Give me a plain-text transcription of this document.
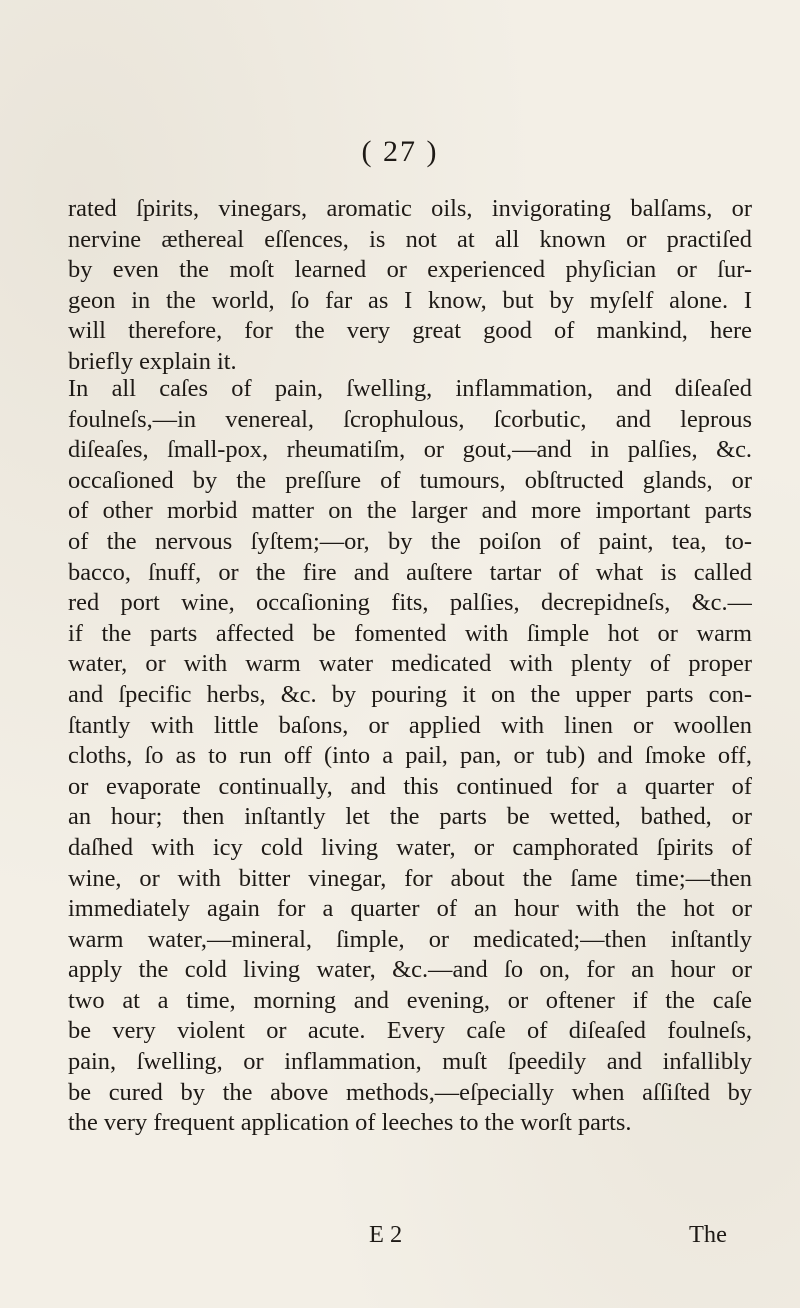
( 27 )
rated ſpirits, vinegars, aromatic oils, invigorating balſams, or
nervine æthereal eſſences, is not at all known or practiſed
by even the moſt learned or experienced phyſician or ſur-
geon in the world, ſo far as I know, but by myſelf alone. I
will therefore, for the very great good of mankind, here
briefly explain it.
In all caſes of pain, ſwelling, inflammation, and diſeaſed
foulneſs,—in venereal, ſcrophulous, ſcorbutic, and leprous
diſeaſes, ſmall-pox, rheumatiſm, or gout,—and in palſies, &c.
occaſioned by the preſſure of tumours, obſtructed glands, or
of other morbid matter on the larger and more important parts
of the nervous ſyſtem;—or, by the poiſon of paint, tea, to-
bacco, ſnuff, or the fire and auſtere tartar of what is called
red port wine, occaſioning fits, palſies, decrepidneſs, &c.—
if the parts affected be fomented with ſimple hot or warm
water, or with warm water medicated with plenty of proper
and ſpecific herbs, &c. by pouring it on the upper parts con-
ſtantly with little baſons, or applied with linen or woollen
cloths, ſo as to run off (into a pail, pan, or tub) and ſmoke off,
or evaporate continually, and this continued for a quarter of
an hour; then inſtantly let the parts be wetted, bathed, or
daſhed with icy cold living water, or camphorated ſpirits of
wine, or with bitter vinegar, for about the ſame time;—then
immediately again for a quarter of an hour with the hot or
warm water,—mineral, ſimple, or medicated;—then inſtantly
apply the cold living water, &c.—and ſo on, for an hour or
two at a time, morning and evening, or oftener if the caſe
be very violent or acute. Every caſe of diſeaſed foulneſs,
pain, ſwelling, or inflammation, muſt ſpeedily and infallibly
be cured by the above methods,—eſpecially when aſſiſted by
the very frequent application of leeches to the worſt parts.
E 2	The
